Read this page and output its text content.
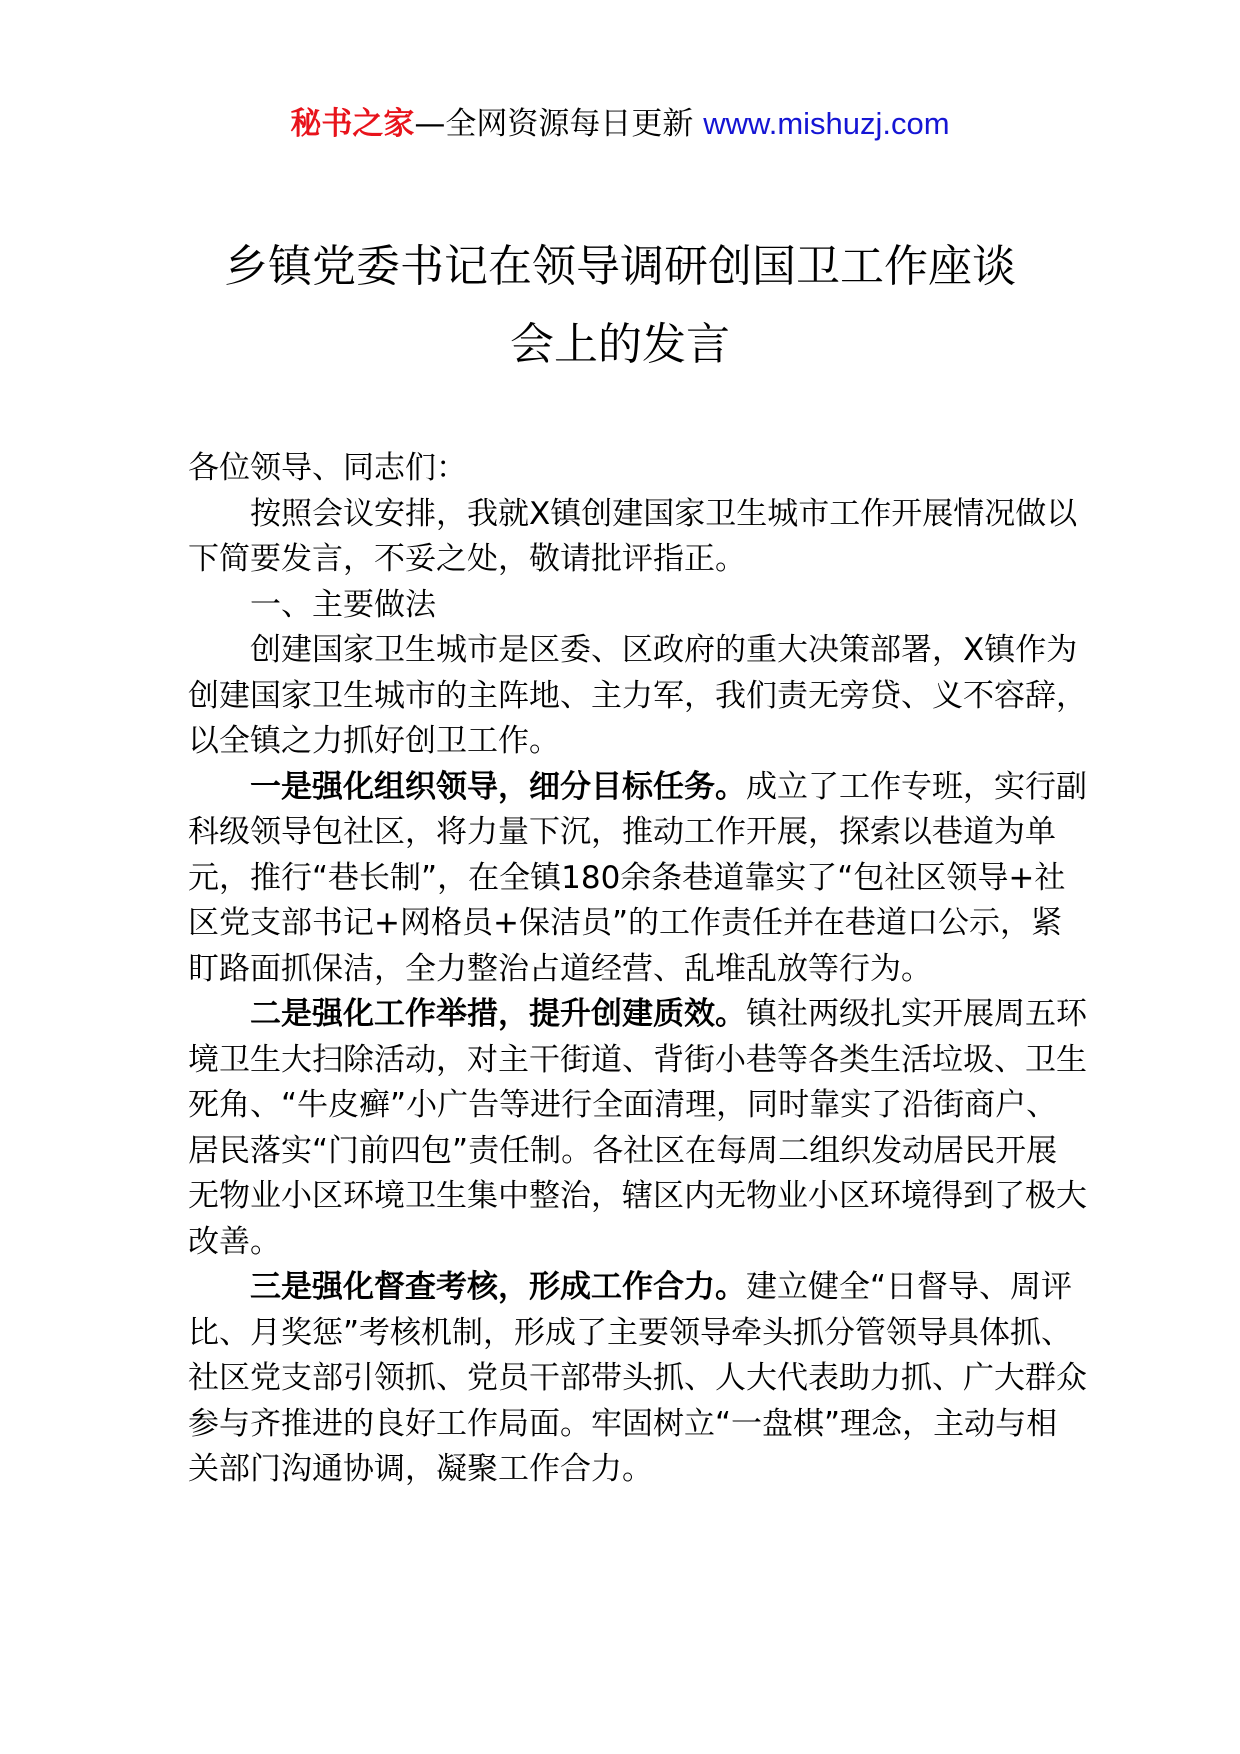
秘书之家—全网资源每日更新 www.mishuzj.com
乡镇党委书记在领导调研创国卫工作座谈
会上的发言

各位领导、同志们：

按照会议安排，我就X镇创建国家卫生城市工作开展情况做以下简要发言，不妥之处，敬请批评指正。

一、主要做法

创建国家卫生城市是区委、区政府的重大决策部署，X镇作为创建国家卫生城市的主阵地、主力军，我们责无旁贷、义不容辞，以全镇之力抓好创卫工作。

一是强化组织领导，细分目标任务。成立了工作专班，实行副科级领导包社区，将力量下沉，推动工作开展，探索以巷道为单元，推行“巷长制”，在全镇180余条巷道靠实了“包社区领导+社区党支部书记+网格员+保洁员”的工作责任并在巷道口公示，紧盯路面抓保洁，全力整治占道经营、乱堆乱放等行为。

二是强化工作举措，提升创建质效。镇社两级扎实开展周五环境卫生大扫除活动，对主干街道、背街小巷等各类生活垃圾、卫生死角、“牛皮癣”小广告等进行全面清理，同时靠实了沿街商户、居民落实“门前四包”责任制。各社区在每周二组织发动居民开展无物业小区环境卫生集中整治，辖区内无物业小区环境得到了极大改善。

三是强化督查考核，形成工作合力。建立健全“日督导、周评比、月奖惩”考核机制，形成了主要领导牵头抓分管领导具体抓、社区党支部引领抓、党员干部带头抓、人大代表助力抓、广大群众参与齐推进的良好工作局面。牢固树立“一盘棋”理念，主动与相关部门沟通协调，凝聚工作合力。
